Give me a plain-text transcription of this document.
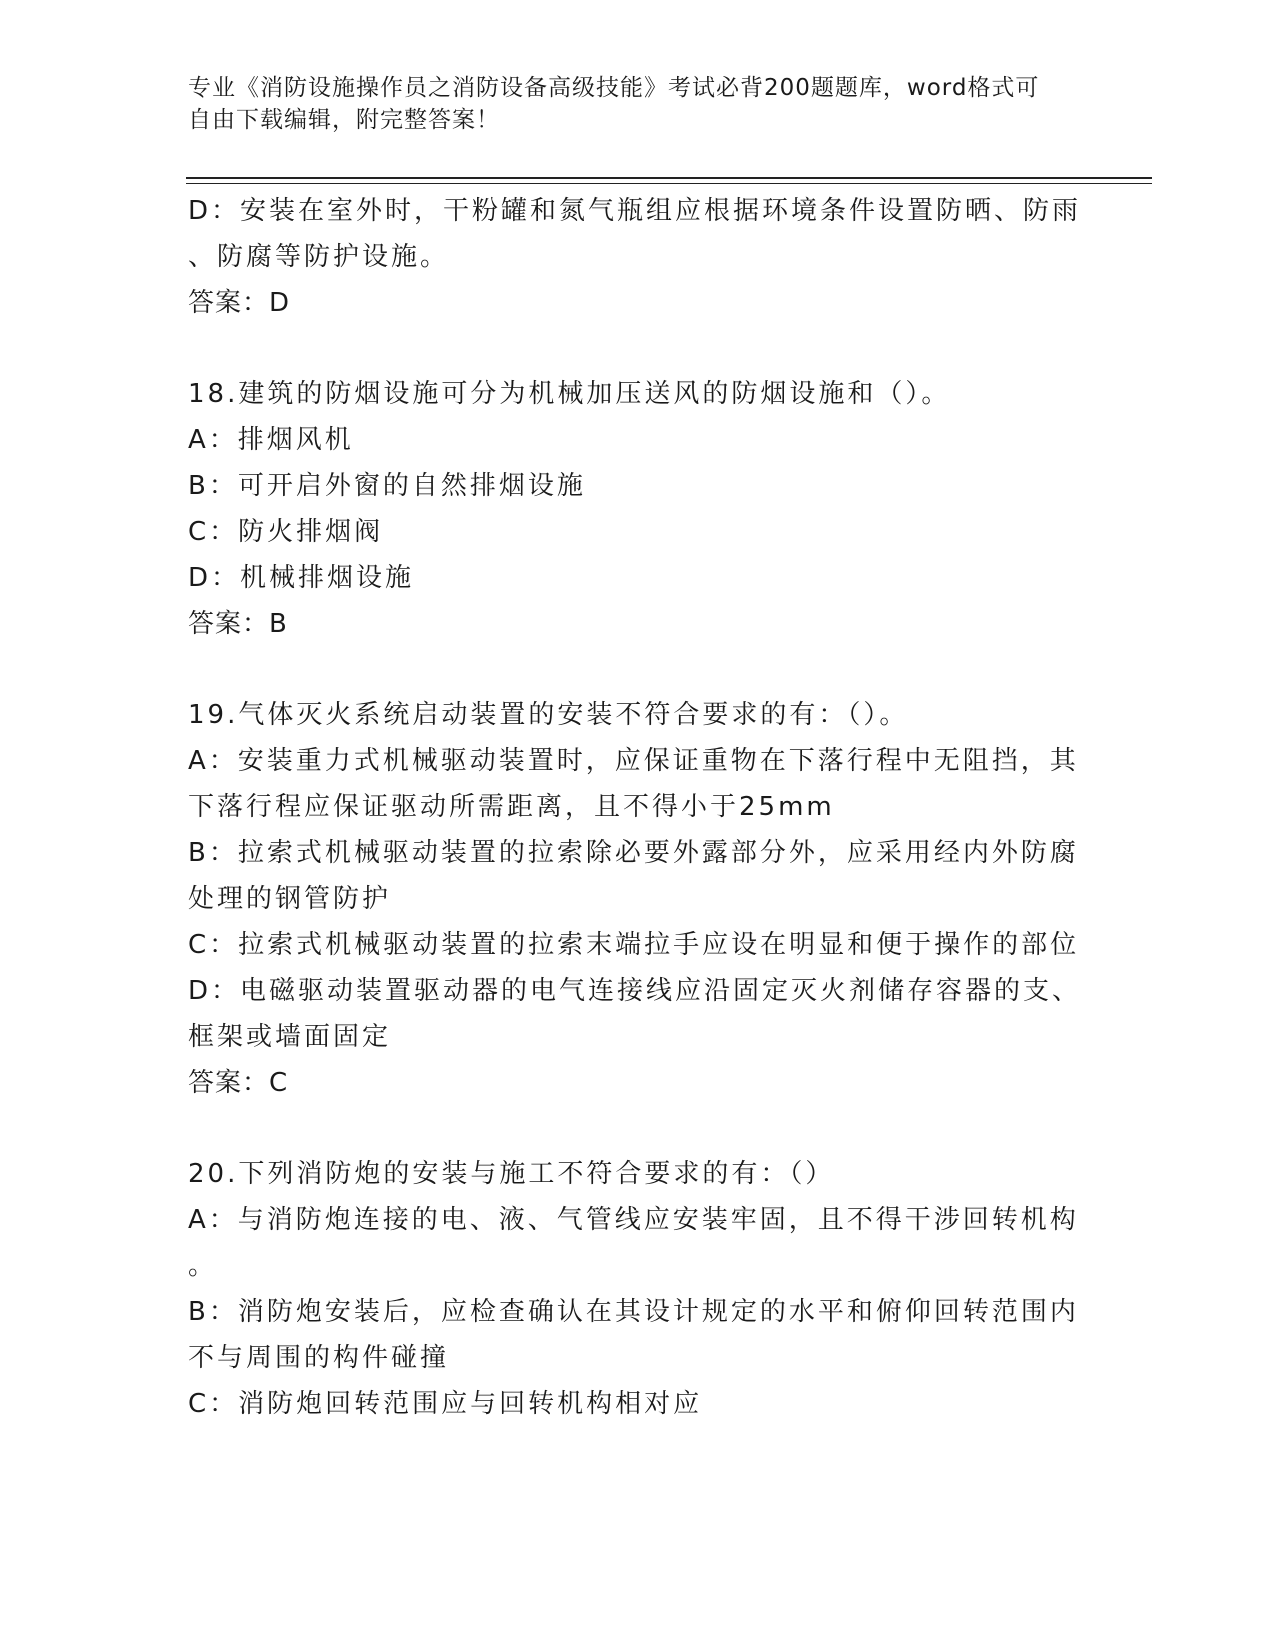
专业《消防设施操作员之消防设备高级技能》考试必背200题题库，word格式可
自由下载编辑，附完整答案！
D：安装在室外时，干粉罐和氮气瓶组应根据环境条件设置防晒、防雨
、防腐等防护设施。
答案：D
18.建筑的防烟设施可分为机械加压送风的防烟设施和（）。
A：排烟风机
B：可开启外窗的自然排烟设施
C：防火排烟阀
D：机械排烟设施
答案：B
19.气体灭火系统启动装置的安装不符合要求的有：（）。
A：安装重力式机械驱动装置时，应保证重物在下落行程中无阻挡，其
下落行程应保证驱动所需距离，且不得小于25mm
B：拉索式机械驱动装置的拉索除必要外露部分外，应采用经内外防腐
处理的钢管防护
C：拉索式机械驱动装置的拉索末端拉手应设在明显和便于操作的部位
D：电磁驱动装置驱动器的电气连接线应沿固定灭火剂储存容器的支、
框架或墙面固定
答案：C
20.下列消防炮的安装与施工不符合要求的有：（）
A：与消防炮连接的电、液、气管线应安装牢固，且不得干涉回转机构
。
B：消防炮安装后，应检查确认在其设计规定的水平和俯仰回转范围内
不与周围的构件碰撞
C：消防炮回转范围应与回转机构相对应
